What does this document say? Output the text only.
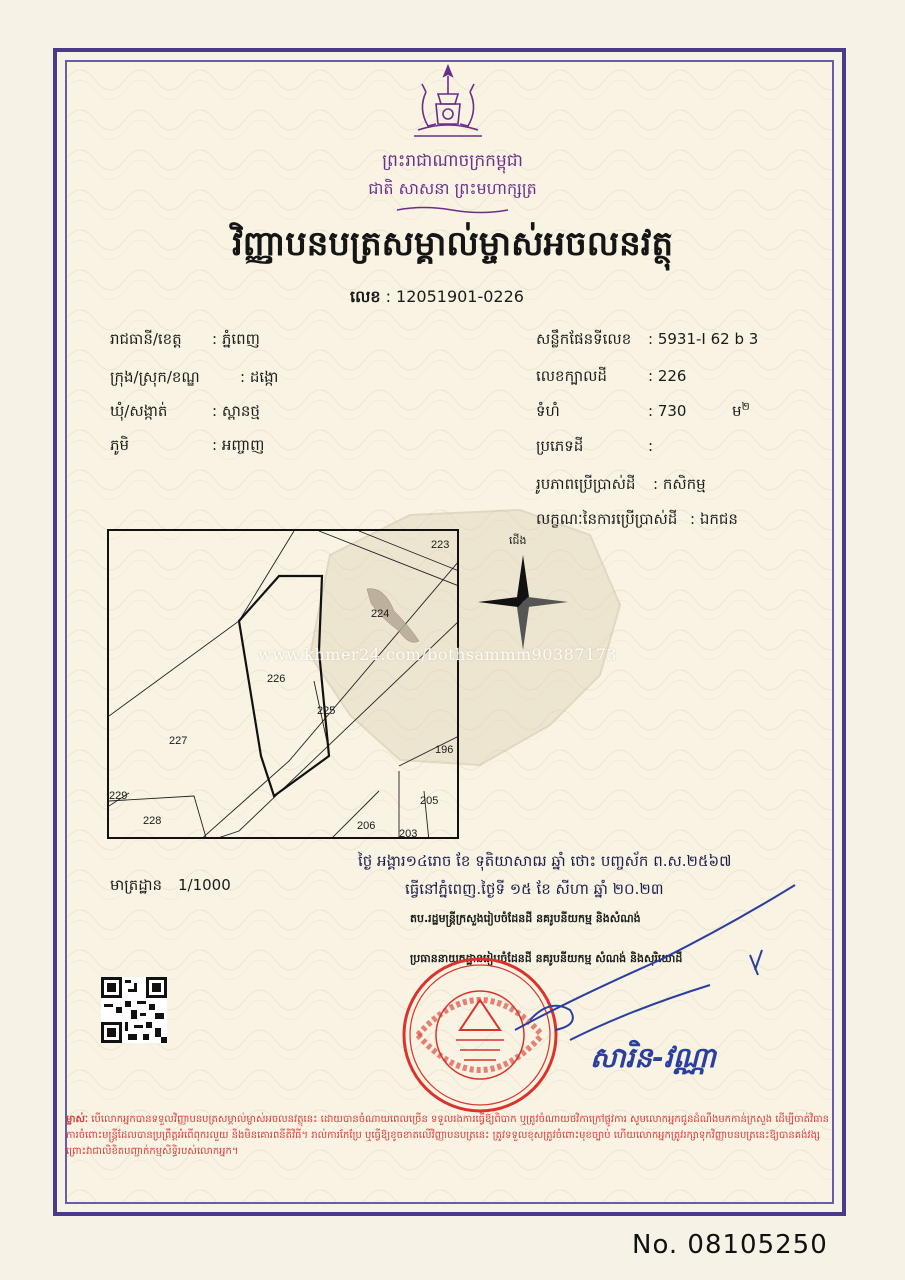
ព្រះរាជាណាចក្រកម្ពុជា
ជាតិ សាសនា ព្រះមហាក្សត្រ
វិញ្ញាបនបត្រសម្គាល់ម្ចាស់អចលនវត្ថុ
លេខ : 12051901-0226
រាជធានី/ខេត្ត : ភ្នំពេញ
ក្រុង/ស្រុក/ខណ្ឌ	: ដង្កោ
ឃុំ/សង្កាត់	: ស្ពានថ្ម
ភូមិ	: អញ្ចាញ
សន្លឹកផែនទីលេខ : 5931-I 62 b 3
លេខក្បាលដី	: 226
ទំហំ	: 730	ម$^២$
ប្រភេទដី	:
រូបភាពប្រើប្រាស់ដី : កសិកម្ម
លក្ខណៈនៃការប្រើប្រាស់ដី : ឯកជន
223
224
226
225
227
196
229
228
205
206
203
ជើង
www.khmer24.com/bothsammm90387173
មាត្រដ្ឋាន 1/1000
ថ្ងៃ អង្គារ១៤រោច ខែ ទុតិយាសាឍ ឆ្នាំ ថោះ បញ្ចស័ក ព.ស.២៥៦៧
ធ្វើនៅភ្នំពេញ.ថ្ងៃទី ១៥ ខែ សីហា ឆ្នាំ ២០.២៣
តប.រដ្ឋមន្ត្រីក្រសួងរៀបចំដែនដី នគរូបនីយកម្ម និងសំណង់
ប្រធាននាយកដ្ឋានរៀបចំដែនដី នគរូបនីយកម្ម សំណង់ និងសុរិយោដី
សារិន-វណ្ណា
ម្ចាស់ៈ បើលោកអ្នកបានទទួលវិញ្ញាបនបត្រសម្គាល់ម្ចាស់អចលនវត្ថុនេះ ដោយបានចំណាយពេលច្រើន ទទួលរងការធ្វើឱ្យពិបាក ឬត្រូវចំណាយថវិកាក្រៅផ្លូវការ សូមលោកអ្នកជូនដំណឹងមកកាន់ក្រសួង ដើម្បីចាត់វិធានការចំពោះមន្ត្រីដែលបានប្រព្រឹត្តអំពើពុករលួយ និងមិនគោរពនីតិវិធី។ រាល់ការកែប្រែ ឬធ្វើឱ្យខូចខាតលើវិញ្ញាបនបត្រនេះ ត្រូវទទួលខុសត្រូវចំពោះមុខច្បាប់ ហើយលោកអ្នកត្រូវរក្សាទុកវិញ្ញាបនបត្រនេះឱ្យបានគង់វង្ស ព្រោះវាជាលិខិតបញ្ជាក់កម្មសិទ្ធិរបស់លោកអ្នក។
No. 08105250
